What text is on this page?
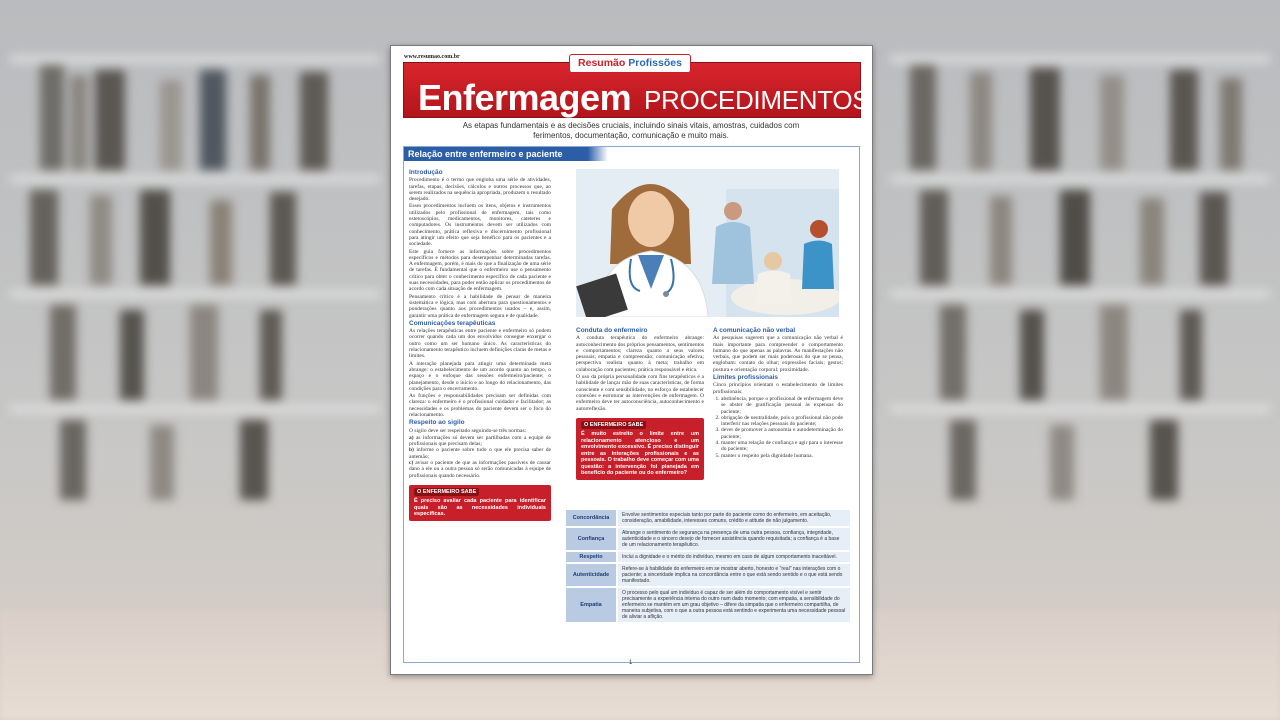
www.resumao.com.br
Enfermagem PROCEDIMENTOS
Resumão Profissões
As etapas fundamentais e as decisões cruciais, incluindo sinais vitais, amostras, cuidados com ferimentos, documentação, comunicação e muito mais.
Relação entre enfermeiro e paciente
Introdução

Procedimento é o termo que engloba uma série de atividades, tarefas, etapas, decisões, cálculos e outros processos que, ao serem realizados na sequência apropriada, produzem o resultado desejado.

Esses procedimentos incluem os itens, objetos e instrumentos utilizados pelo profissional de enfermagem, tais como estetoscópios, medicamentos, monitores, cateteres e computadores. Os instrumentos devem ser utilizados com conhecimento, prática reflexiva e discernimento profissional para atingir um efeito que seja benéfico para os pacientes e a sociedade.

Este guia fornece as informações sobre procedimentos específicos e métodos para desempenhar determinadas tarefas. A enfermagem, porém, é mais do que a finalização de uma série de tarefas. É fundamental que o enfermeiro use o pensamento crítico para obter o conhecimento específico de cada paciente e suas necessidades, para poder então aplicar os procedimentos de acordo com cada situação de enfermagem.

Pensamento crítico é a habilidade de pensar de maneira sistemática e lógica, mas com abertura para questionamentos e ponderações quanto aos procedimentos usados – e, assim, garantir uma prática de enfermagem segura e de qualidade.

Comunicações terapêuticas

As relações terapêuticas entre paciente e enfermeiro só podem ocorrer quando cada um dos envolvidos consegue enxergar o outro como um ser humano único. As características do relacionamento terapêutico incluem definições claras de metas e limites.

A interação planejada para atingir uma determinada meta abrange: o estabelecimento de um acordo quanto ao tempo, o espaço e o enfoque das sessões enfermeiro/paciente; o planejamento, desde o início e ao longo do relacionamento, das condições para o encerramento.

As funções e responsabilidades precisam ser definidas com clareza: o enfermeiro é o profissional cuidador e facilitador; as necessidades e os problemas do paciente devem ser o foco do relacionamento.

Respeito ao sigilo

O sigilo deve ser respeitado seguindo-se três normas:

a) as informações só devem ser partilhadas com a equipe de profissionais que precisam delas;
b) informe o paciente sobre tudo o que ele precisa saber de antemão;
c) avisar o paciente de que as informações passíveis de causar dano a ele ou a outra pessoa só serão comunicadas à equipe de profissionais quando necessário.
O ENFERMEIRO SABE
É preciso avaliar cada paciente para identificar quais são as necessidades individuais específicas.
Conduta do enfermeiro

A conduta terapêutica do enfermeiro abrange: autoconhecimento dos próprios pensamentos, sentimentos e comportamentos; clareza quanto a seus valores pessoais; empatia e compreensão; comunicação efetiva; perspectiva realista quanto à meta; trabalho em colaboração com pacientes; prática responsável e ética.

O uso da própria personalidade com fins terapêuticos é a habilidade de lançar mão de suas características, de forma consciente e com sensibilidade, no esforço de estabelecer conexões e estruturar as intervenções de enfermagem. O enfermeiro deve ter autoconsciência, autoconhecimento e autorreflexão.

O ENFERMEIRO SABE
É muito estreito o limite entre um relacionamento atencioso e um envolvimento excessivo. É preciso distinguir entre as interações profissionais e as pessoais. O trabalho deve começar com uma questão: a intervenção foi planejada em benefício do paciente ou do enfermeiro?
A comunicação não verbal

As pesquisas sugerem que a comunicação não verbal é mais importante para compreender o comportamento humano do que apenas as palavras. As manifestações não verbais, que podem ser mais poderosas do que se pensa, englobam: contato do olhar; expressões faciais; gestos; postura e orientação corporal; proximidade.

Limites profissionais

Cinco princípios orientam o estabelecimento de limites profissionais:

1. abstinência, porque o profissional de enfermagem deve se abster de gratificação pessoal às expensas do paciente;
2. obrigação de neutralidade, pois o profissional não pode interferir nas relações pessoais do paciente;
3. dever de promover a autonomia e autodeterminação do paciente;
4. manter uma relação de confiança e agir para o interesse do paciente;
5. manter o respeito pela dignidade humana.
Concordância	Envolve sentimentos especiais tanto por parte do paciente como do enfermeiro, em aceitação, consideração, amabilidade, interesses comuns, crédito e atitude de não julgamento.
Confiança	Abrange o sentimento de segurança na presença de uma outra pessoa, confiança, integridade, autenticidade e o sincero desejo de fornecer assistência quando requisitada; a confiança é a base de um relacionamento terapêutico.
Respeito	Inclui a dignidade e o mérito do indivíduo, mesmo em caso de algum comportamento inaceitável.
Autenticidade	Refere-se à habilidade do enfermeiro em se mostrar aberto, honesto e "real" nas interações com o paciente; a sinceridade implica na concordância entre o que está sendo sentido e o que está sendo manifestado.
Empatia	O processo pelo qual um indivíduo é capaz de ser além do comportamento visível e sentir precisamente a experiência interna do outro num dado momento; com empatia, a sensibilidade do enfermeiro se mantém em um grau objetivo – difere da simpatia que o enfermeiro compartilha, de maneira subjetiva, com o que a outra pessoa está sentindo e experimenta uma necessidade pessoal de aliviar a aflição.
1
